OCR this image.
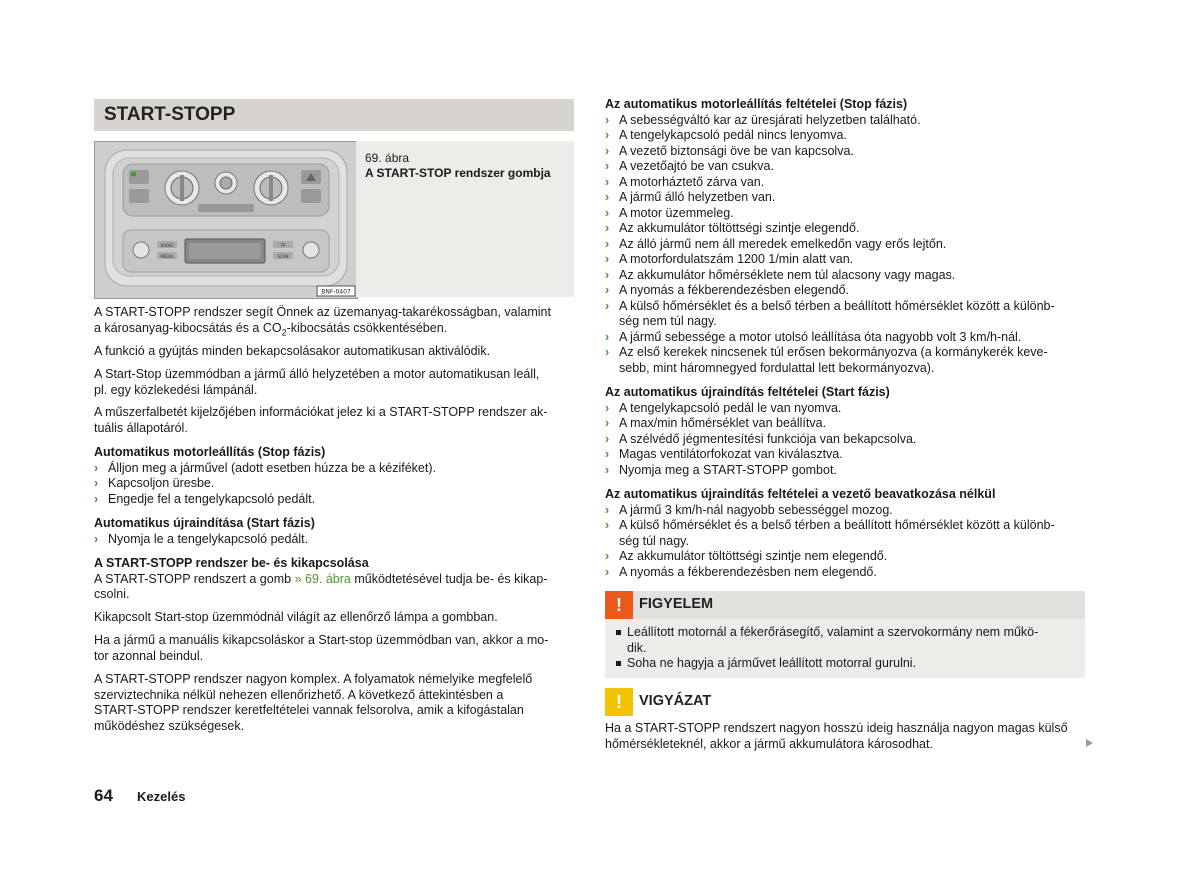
START-STOPP
RADIO
MEDIA
TP
SCAN
BNF-0407
69. ábra
A START-STOP rendszer gombja

A START-STOPP rendszer segít Önnek az üzemanyag-takarékosságban, valamint

a károsanyag-kibocsátás és a $CO_2$-kibocsátás csökkentésében.

A funkció a gyújtás minden bekapcsolásakor automatikusan aktiválódik.

A Start-Stop üzemmódban a jármű álló helyzetében a motor automatikusan leáll,

pl. egy közlekedési lámpánál.

A műszerfalbetét kijelzőjében információkat jelez ki a START-STOPP rendszer ak-

tuális állapotáról.

Automatikus motorleállítás (Stop fázis)

› Álljon meg a járművel (adott esetben húzza be a kéziféket).
› Kapcsoljon üresbe.
› Engedje fel a tengelykapcsoló pedált.

Automatikus újraindítása (Start fázis)

› Nyomja le a tengelykapcsoló pedált.

A START-STOPP rendszer be- és kikapcsolása

A START-STOPP rendszert a gomb » 69. ábra működtetésével tudja be- és kikap-

csolni.

Kikapcsolt Start-stop üzemmódnál világít az ellenőrző lámpa a gombban.

Ha a jármű a manuális kikapcsoláskor a Start-stop üzemmódban van, akkor a mo-

tor azonnal beindul.

A START-STOPP rendszer nagyon komplex. A folyamatok némelyike megfelelő

szerviztechnika nélkül nehezen ellenőrizhető. A következő áttekintésben a

START-STOPP rendszer keretfeltételei vannak felsorolva, amik a kifogástalan

működéshez szükségesek.

Az automatikus motorleállítás feltételei (Stop fázis)

› A sebességváltó kar az üresjárati helyzetben található.
› A tengelykapcsoló pedál nincs lenyomva.
› A vezető biztonsági öve be van kapcsolva.
› A vezetőajtó be van csukva.
› A motorháztető zárva van.
› A jármű álló helyzetben van.
› A motor üzemmeleg.
› Az akkumulátor töltöttségi szintje elegendő.
› Az álló jármű nem áll meredek emelkedőn vagy erős lejtőn.
› A motorfordulatszám 1200 1/min alatt van.
› Az akkumulátor hőmérséklete nem túl alacsony vagy magas.
› A nyomás a fékberendezésben elegendő.
› A külső hőmérséklet és a belső térben a beállított hőmérséklet között a különb-
ség nem túl nagy.
› A jármű sebessége a motor utolsó leállítása óta nagyobb volt 3 km/h-nál.
› Az első kerekek nincsenek túl erősen bekormányozva (a kormánykerék keve-
sebb, mint háromnegyed fordulattal lett bekormányozva).

Az automatikus újraindítás feltételei (Start fázis)

› A tengelykapcsoló pedál le van nyomva.
› A max/min hőmérséklet van beállítva.
› A szélvédő jégmentesítési funkciója van bekapcsolva.
› Magas ventilátorfokozat van kiválasztva.
› Nyomja meg a START-STOPP gombot.

Az automatikus újraindítás feltételei a vezető beavatkozása nélkül

› A jármű 3 km/h-nál nagyobb sebességgel mozog.
› A külső hőmérséklet és a belső térben a beállított hőmérséklet között a különb-
ség túl nagy.
› Az akkumulátor töltöttségi szintje nem elegendő.
› A nyomás a fékberendezésben nem elegendő.
!	FIGYELEM
Leállított motornál a fékerőrásegítő, valamint a szervokormány nem műkö-
dik.
Soha ne hagyja a járművet leállított motorral gurulni.
!	VIGYÁZAT

Ha a START-STOPP rendszert nagyon hosszú ideig használja nagyon magas külső

hőmérsékleteknél, akkor a jármű akkumulátora károsodhat.

64 Kezelés
